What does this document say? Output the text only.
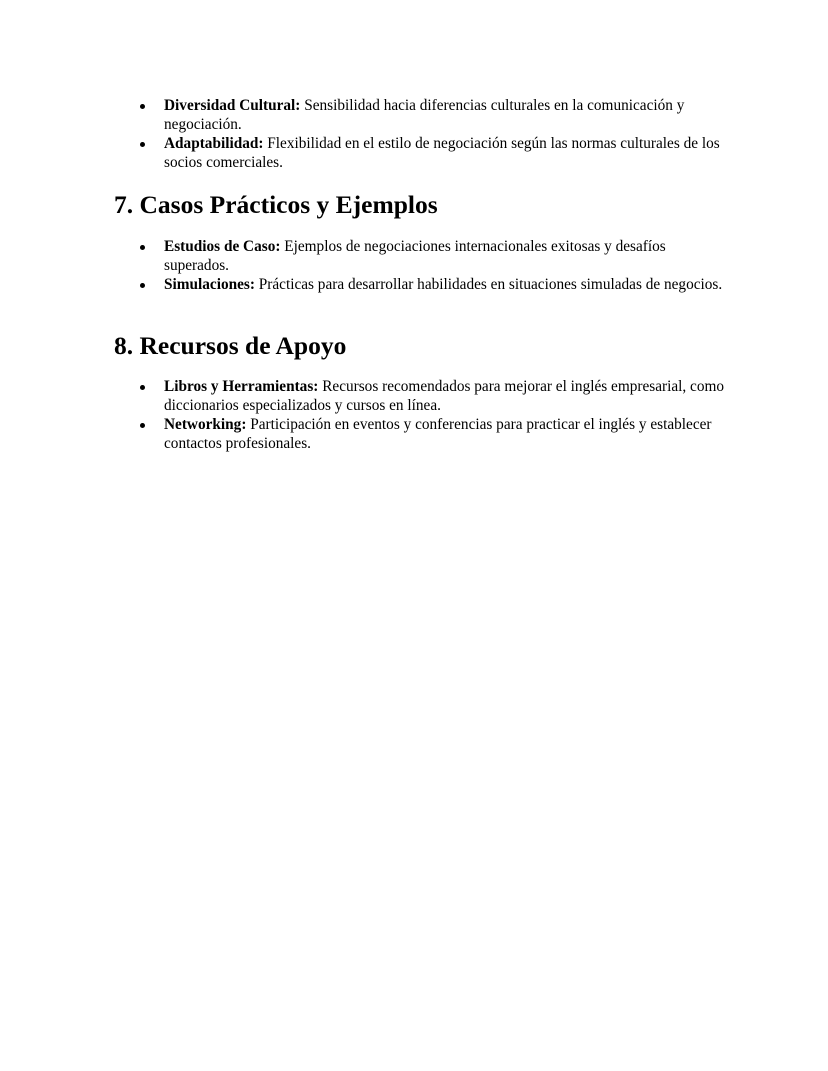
Diversidad Cultural: Sensibilidad hacia diferencias culturales en la comunicación y negociación.
Adaptabilidad: Flexibilidad en el estilo de negociación según las normas culturales de los socios comerciales.
7. Casos Prácticos y Ejemplos
Estudios de Caso: Ejemplos de negociaciones internacionales exitosas y desafíos superados.
Simulaciones: Prácticas para desarrollar habilidades en situaciones simuladas de negocios.
8. Recursos de Apoyo
Libros y Herramientas: Recursos recomendados para mejorar el inglés empresarial, como diccionarios especializados y cursos en línea.
Networking: Participación en eventos y conferencias para practicar el inglés y establecer contactos profesionales.
